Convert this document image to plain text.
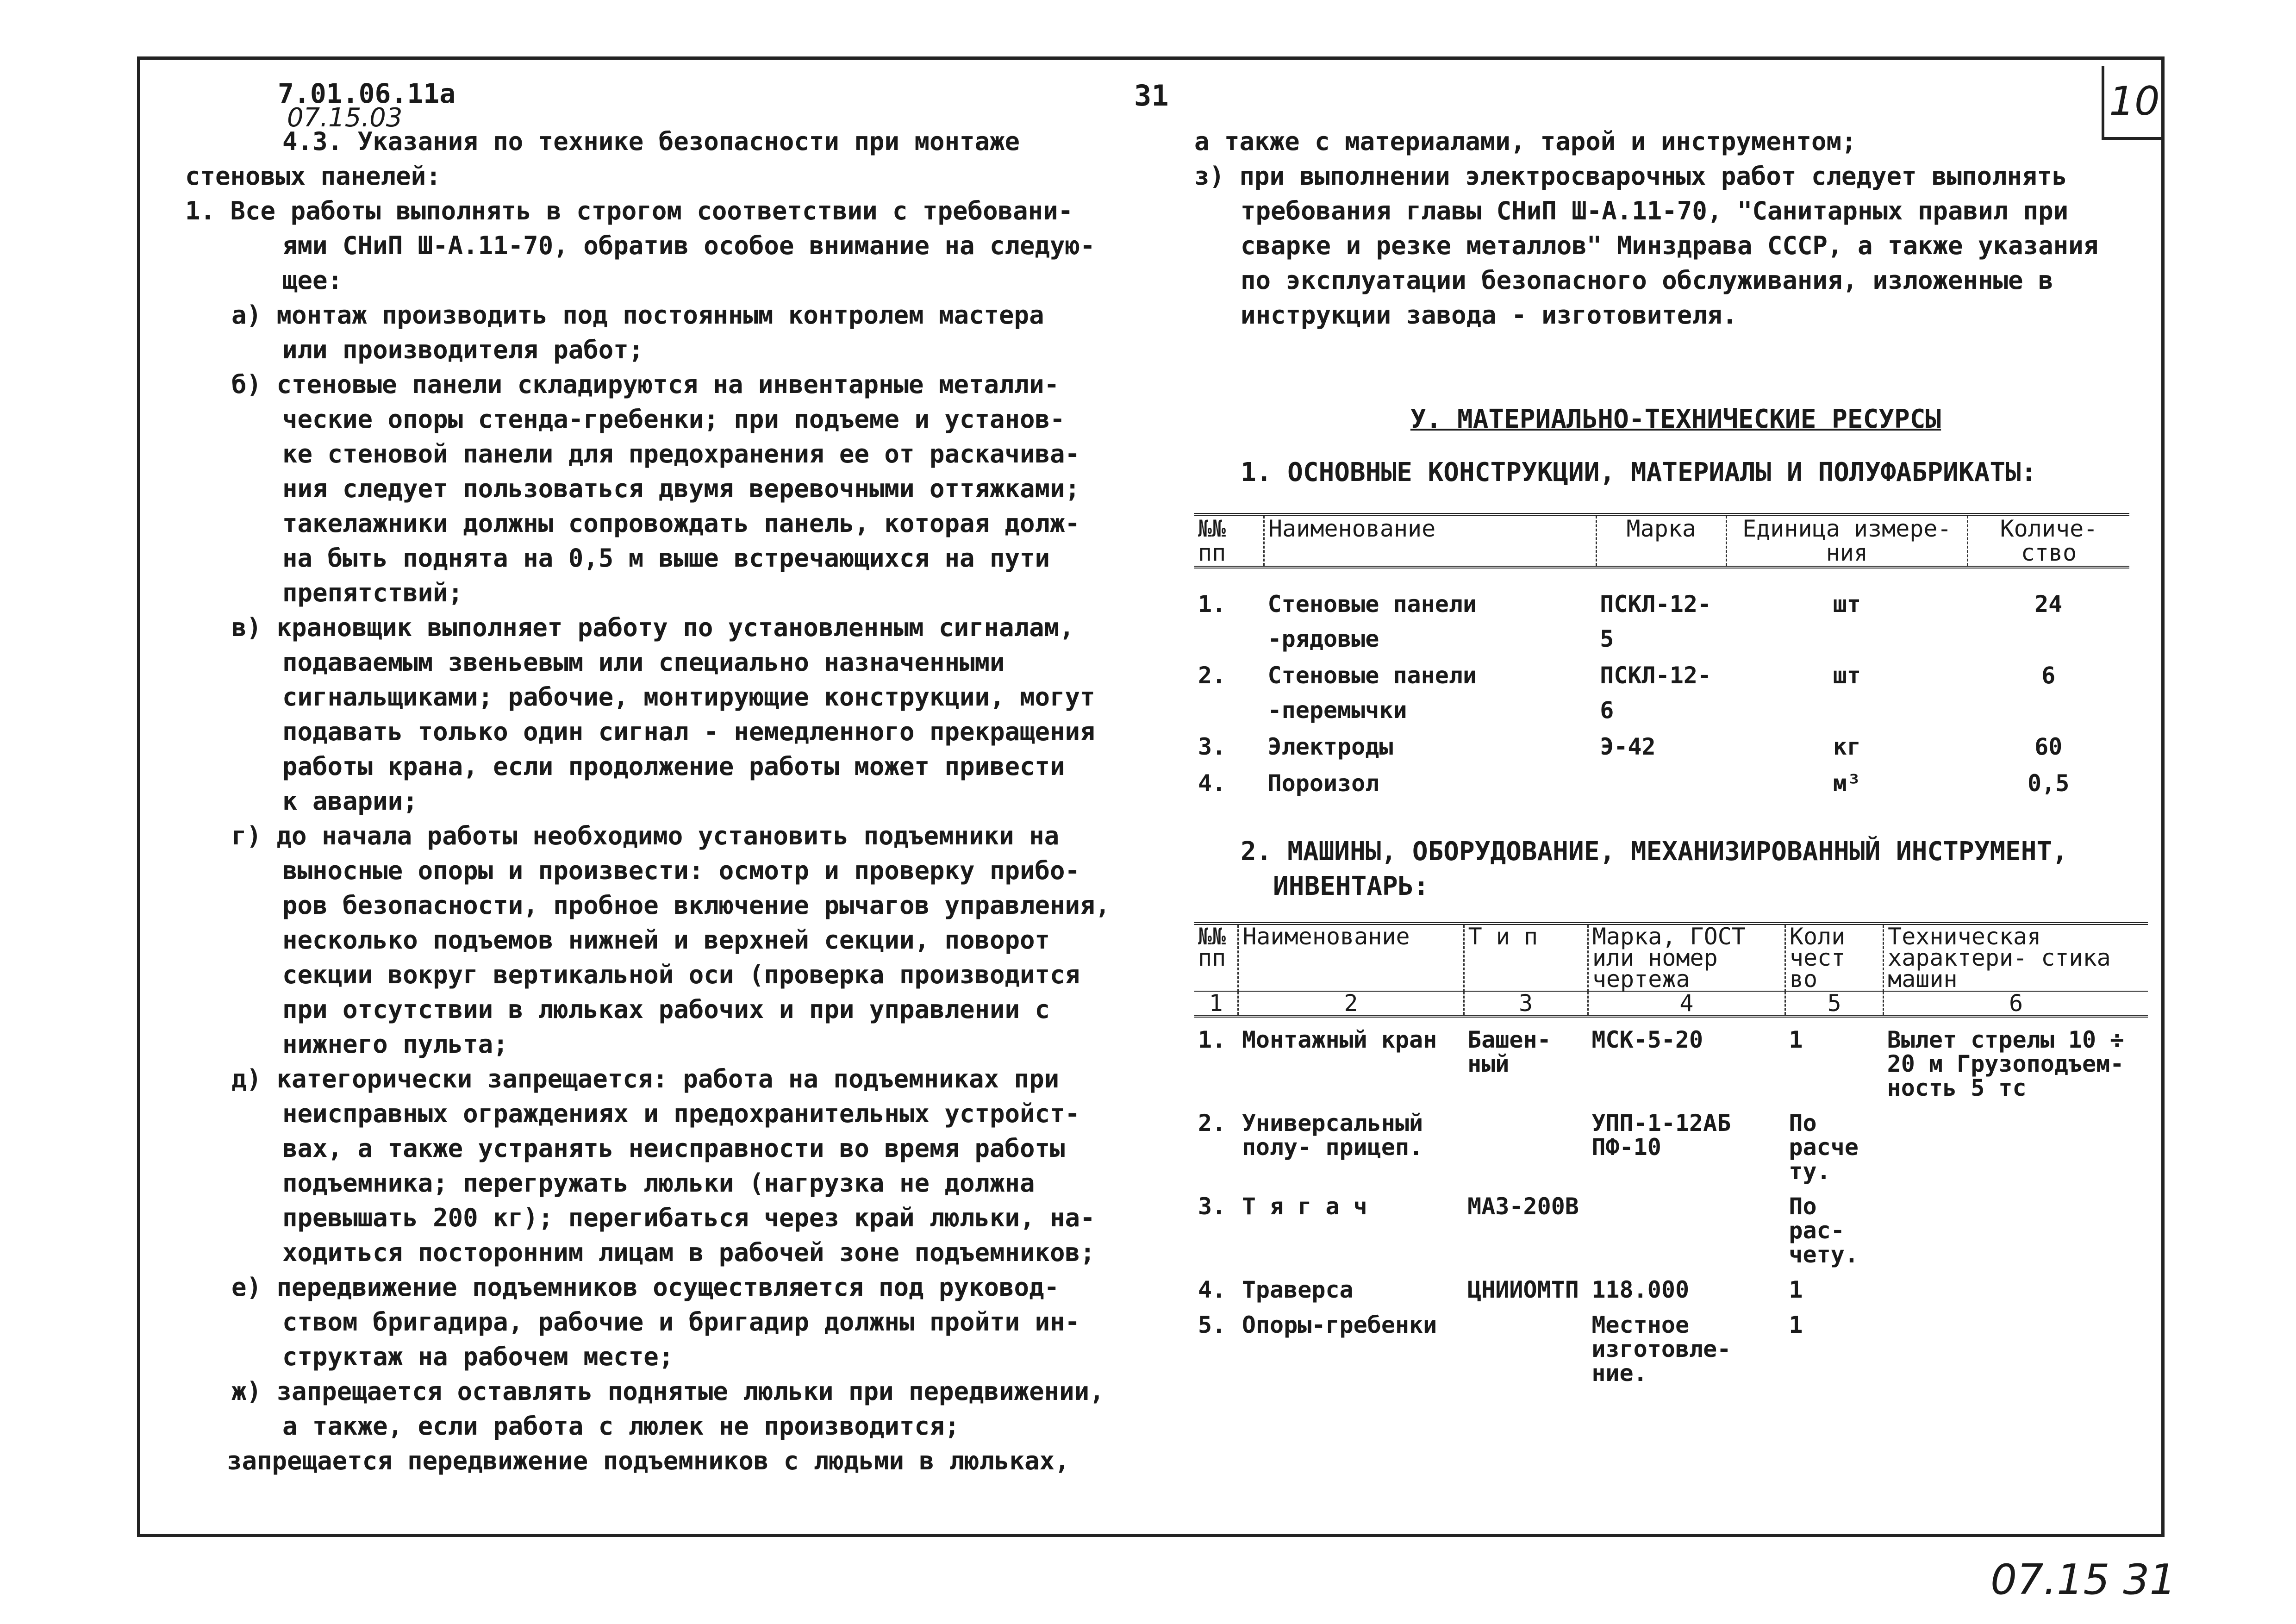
7.01.06.11а
07.15.03
31	10
07.15 31
4.3. Указания по технике безопасности при монтаже
стеновых панелей:
1. Все работы выполнять в строгом соответствии с требовани-
ями СНиП Ш-А.11-70, обратив особое внимание на следую-
щее:
а) монтаж производить под постоянным контролем мастера
или производителя работ;
б) стеновые панели складируются на инвентарные металли-
ческие опоры стенда-гребенки; при подъеме и установ-
ке стеновой панели для предохранения ее от раскачива-
ния следует пользоваться двумя веревочными оттяжками;
такелажники должны сопровождать панель, которая долж-
на быть поднята на 0,5 м выше встречающихся на пути
препятствий;
в) крановщик выполняет работу по установленным сигналам,
подаваемым звеньевым или специально назначенными
сигнальщиками; рабочие, монтирующие конструкции, могут
подавать только один сигнал - немедленного прекращения
работы крана, если продолжение работы может привести
к аварии;
г) до начала работы необходимо установить подъемники на
выносные опоры и произвести: осмотр и проверку прибо-
ров безопасности, пробное включение рычагов управления,
несколько подъемов нижней и верхней секции, поворот
секции вокруг вертикальной оси (проверка производится
при отсутствии в люльках рабочих и при управлении с
нижнего пульта;
д) категорически запрещается: работа на подъемниках при
неисправных ограждениях и предохранительных устройст-
вах, а также устранять неисправности во время работы
подъемника; перегружать люльки (нагрузка не должна
превышать 200 кг); перегибаться через край люльки, на-
ходиться посторонним лицам в рабочей зоне подъемников;
е) передвижение подъемников осуществляется под руковод-
ством бригадира, рабочие и бригадир должны пройти ин-
структаж на рабочем месте;
ж) запрещается оставлять поднятые люльки при передвижении,
а также, если работа с люлек не производится;
запрещается передвижение подъемников с людьми в люльках,
а также с материалами, тарой и инструментом;
з) при выполнении электросварочных работ следует выполнять
требования главы СНиП Ш-А.11-70, "Санитарных правил при
сварке и резке металлов" Минздрава СССР, а также указания
по эксплуатации безопасного обслуживания, изложенные в
инструкции завода - изготовителя.
У. МАТЕРИАЛЬНО-ТЕХНИЧЕСКИЕ РЕСУРСЫ
1. ОСНОВНЫЕ КОНСТРУКЦИИ, МАТЕРИАЛЫ И ПОЛУФАБРИКАТЫ:
№№ пп	Наименование	Марка	Единица измере- ния	Количе- ство
1.	Стеновые панели -рядовые	ПСКЛ-12-5	шт	24
2.	Стеновые панели -перемычки	ПСКЛ-12-6	шт	6
3.	Электроды	Э-42	кг	60
4.	Пороизол		м³	0,5
2. МАШИНЫ, ОБОРУДОВАНИЕ, МЕХАНИЗИРОВАННЫЙ ИНСТРУМЕНТ,
ИНВЕНТАРЬ:
№№ пп	Наименование	Т и п	Марка, ГОСТ или номер чертежа	Коли чест во	Техническая характери- стика машин
1	2	3	4	5	6
1.	Монтажный кран	Башен- ный	МСК-5-20	1	Вылет стрелы 10 ÷ 20 м Грузоподъем- ность 5 тс
2.	Универсальный полу- прицеп.		УПП-1-12АБ ПФ-10	По расче ту.	
3.	Т я г а ч	МАЗ-200В		По рас- чету.	
4.	Траверса	ЦНИИОМТП	118.000	1	
5.	Опоры-гребенки		Местное изготовле- ние.	1	
